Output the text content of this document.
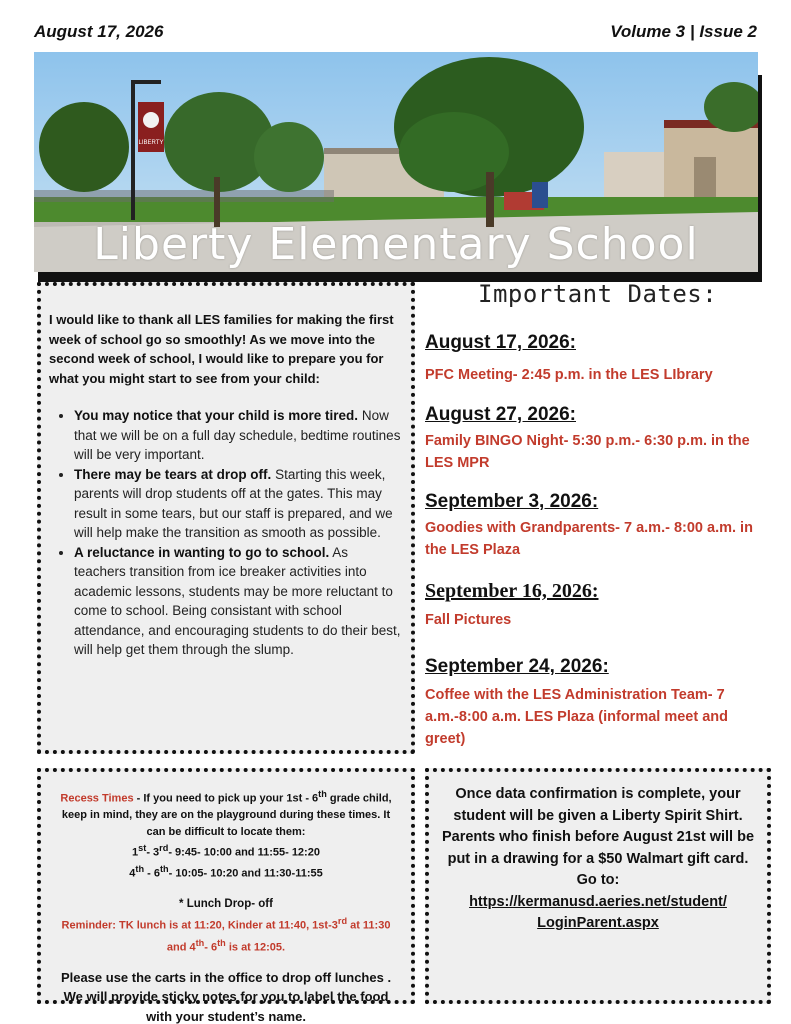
August 17, 2026	Volume 3 | Issue 2
LIBERTY
Liberty Elementary School

I would like to thank all LES families for making the first week of school go so smoothly! As we move into the second week of school, I would like to prepare you for what you might start to see from your child:

• You may notice that your child is more tired. Now that we will be on a full day schedule, bedtime routines will be very important.
• There may be tears at drop off. Starting this week, parents will drop students off at the gates. This may result in some tears, but our staff is prepared, and we will help make the transition as smooth as possible.
• A reluctance in wanting to go to school. As teachers transition from ice breaker activities into academic lessons, students may be more reluctant to come to school. Being consistant with school attendance, and encouraging students to do their best, will help get them through the slump.
Important Dates:
August 17, 2026:
PFC Meeting- 2:45 p.m. in the LES LIbrary
August 27, 2026:
Family BINGO Night- 5:30 p.m.- 6:30 p.m. in the LES MPR
September 3, 2026:
Goodies with Grandparents- 7 a.m.- 8:00 a.m. in the LES Plaza
September 16, 2026:
Fall Pictures
September 24, 2026:
Coffee with the LES Administration Team- 7 a.m.-8:00 a.m. LES Plaza (informal meet and greet)

Recess Times - If you need to pick up your 1st - 6th grade child, keep in mind, they are on the playground during these times. It can be difficult to locate them:

1st- 3rd- 9:45- 10:00 and 11:55- 12:20

4th - 6th- 10:05- 10:20 and 11:30-11:55

* Lunch Drop- off

Reminder: TK lunch is at 11:20, Kinder at 11:40, 1st-3rd at 11:30 and 4th- 6th is at 12:05.

Please use the carts in the office to drop off lunches . We will provide sticky notes for you to label the food with your student’s name.

Once data confirmation is complete, your student will be given a Liberty Spirit Shirt. Parents who finish before August 21st will be put in a drawing for a $50 Walmart gift card. Go to:

https://kermanusd.aeries.net/student/ LoginParent.aspx
